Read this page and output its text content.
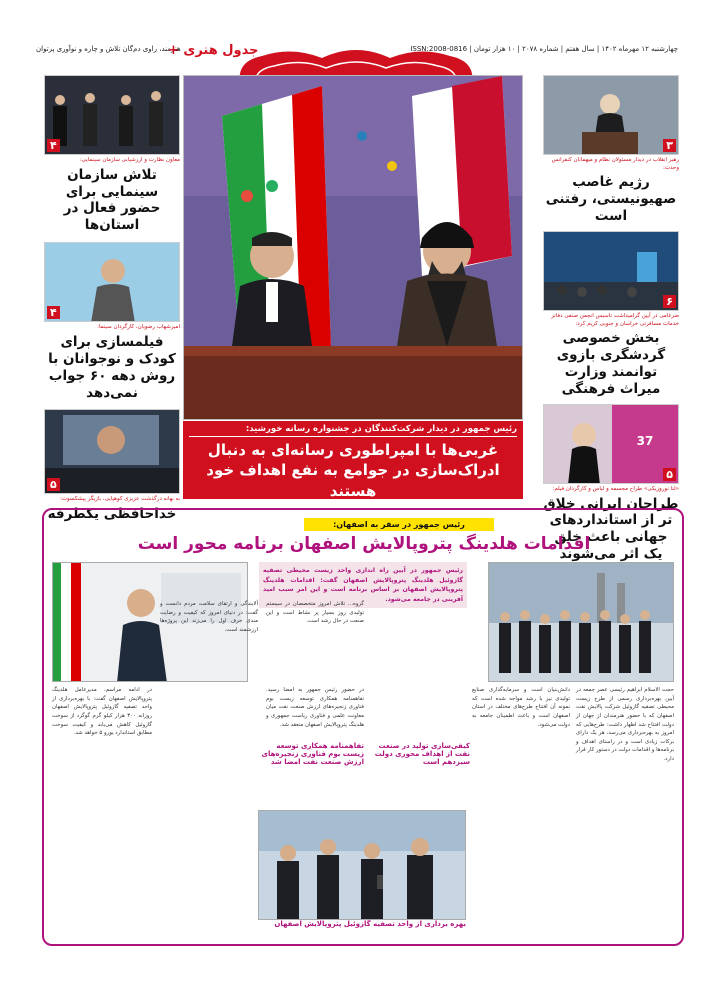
چهارشنبه ۱۲ مهرماه ۱۴۰۲ | سال هفتم | شماره ۲۰۷۸ | ۱۰ هزار تومان | ISSN:2008-0816
هنرمند، راوی دم‌گان تلاش و چاره و نوآوری پرتوان
جدول هنری +
روزنامه
۳
رهبر انقلاب در دیدار مسئولان نظام و میهمانان کنفرانس وحدت:
رژیم غاصب صهیونیستی، رفتنی است
۶
ضرغامی در آیین گرامیداشت تاسیس انجمن صنفی دفاتر خدمات مسافرتی خراسان و جنوبی کریم کرد:
بخش خصوصی گردشگری بازوی توانمند وزارت میراث فرهنگی
37
۵
«لنا نوروزیکی» طراح مجسمه و لباس و کارگردان فیلم:
طراحان ایرانی خلاق تر از استانداردهای جهانی باعث خلق یک اثر می‌شوند
۴
معاون نظارت و ارزشیابی سازمان سینمایی:
تلاش سازمان سینمایی برای حضور فعال در استان‌ها
۴
امیرشهاب رضویان، کارگردان سینما:
فیلمسازی برای کودک و نوجوانان با روش دهه ۶۰ جواب نمی‌دهد
۵
به بهانه درگذشت عزیزی کوهپایی، بازیگر پیشکسوت:
خداحافظی یکطرفه
رئیس جمهور در دیدار شرکت‌کنندگان در جشنواره رسانه خورشید:
غربی‌ها با امپراطوری رسانه‌ای به دنبال ادراک‌سازی در جوامع به نفع اهداف خود هستند
رئیس جمهور در سفر به اصفهان:
اقدامات هلدینگ پتروپالایش اصفهان برنامه محور است
رئیس جمهور در آیین راه اندازی واحد زیست محیطی تصفیه گازوئیل هلدینگ پتروپالایش اصفهان گفت: اقدامات هلدینگ پتروپالایش اصفهان بر اساس برنامه است و این امر سبب امید آفرینی در جامعه می‌شود.
حجت الاسلام ابراهیم رئیسی عصر جمعه در آیین بهره‌برداری رسمی از طرح زیست محیطی تصفیه گازوئیل شرکت پالایش نفت اصفهان که با حضور هنرمندان از جهان از دولت افتتاح شد اظهار داشت: طرح‌هایی که امروز به بهره‌برداری می‌رسد، هر یک دارای برکات زیادی است و در راستای اهداف و برنامه‌ها و اقدامات دولت در دستور کار قرار دارد.
دانش‌بنیان است و سرمایه‌گذاری صنایع تولیدی نیز با رشد مواجه شده است که نمونه آن افتتاح طرح‌های مختلف در استان اصفهان است و باعث اطمینان جامعه به دولت می‌شود.
کیفی‌سازی تولید در صنعت نفت از اهداف محوری دولت سیزدهم است
گروه... تلاش امروز متخصصان در سیستم تولیدی روز بسیار پر نشاط است و این صنعت در حال رشد است.
آلایندگی و ارتقای سلامت مردم دانست و گفت: در دنیای امروز که کیفیت و رضایت مندی حرف اول را می‌زند این پروژه‌ها ارزشمند است.
در حضور رئیس جمهور به امضا رسید. تفاهمنامه همکاری توسعه زیست بوم فناوری زنجیره‌های ارزش صنعت نفت میان معاونت علمی و فناوری ریاست جمهوری و هلدینگ پتروپالایش اصفهان منعقد شد.
در ادامه مراسم، مدیرعامل هلدینگ پتروپالایش اصفهان گفت: با بهره‌برداری از واحد تصفیه گازوئیل پتروپالایش اصفهان روزانه ۳۰۰ هزار کیلو گرم گوگرد از سوخت گازوئیل کاهش می‌یابد و کیفیت سوخت مطابق استاندارد یورو ۵ خواهد شد.
تفاهمنامه همکاری توسعه زیست بوم فناوری زنجیره‌های ارزش صنعت نفت امضا شد
بهره برداری از واحد تصفیه گازوئیل پتروپالایش اصفهان
